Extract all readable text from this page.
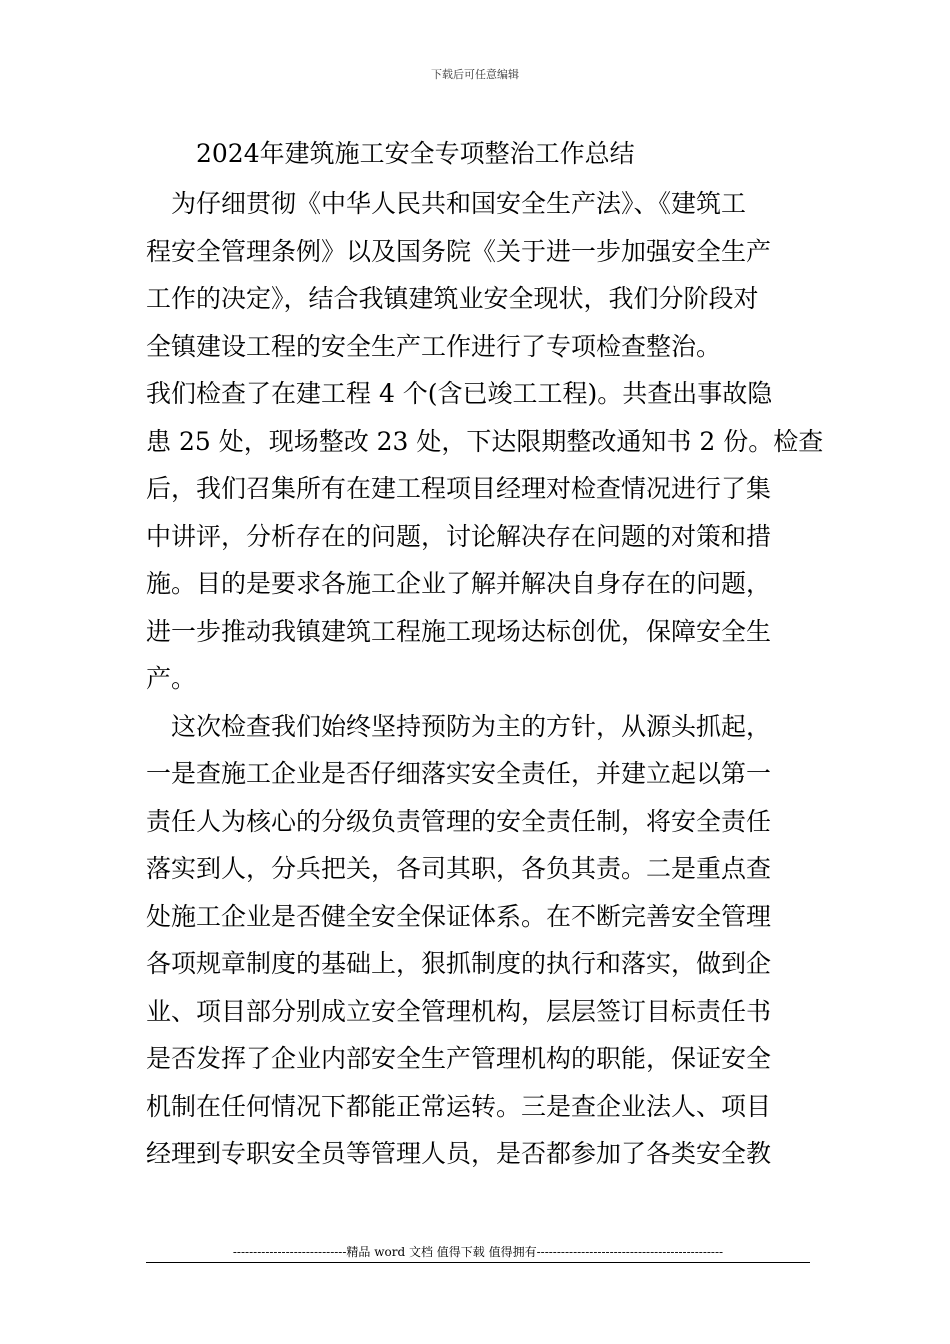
下载后可任意编辑
2024年建筑施工安全专项整治工作总结
　为仔细贯彻《中华人民共和国安全生产法》、《建筑工
程安全管理条例》以及国务院《关于进一步加强安全生产
工作的决定》，结合我镇建筑业安全现状，我们分阶段对
全镇建设工程的安全生产工作进行了专项检查整治。
我们检查了在建工程 4 个(含已竣工工程)。共查出事故隐
患 25 处，现场整改 23 处，下达限期整改通知书 2 份。检查
后，我们召集所有在建工程项目经理对检查情况进行了集
中讲评，分析存在的问题，讨论解决存在问题的对策和措
施。目的是要求各施工企业了解并解决自身存在的问题，
进一步推动我镇建筑工程施工现场达标创优，保障安全生
产。
　这次检查我们始终坚持预防为主的方针，从源头抓起，
一是查施工企业是否仔细落实安全责任，并建立起以第一
责任人为核心的分级负责管理的安全责任制，将安全责任
落实到人，分兵把关，各司其职，各负其责。二是重点查
处施工企业是否健全安全保证体系。在不断完善安全管理
各项规章制度的基础上，狠抓制度的执行和落实，做到企
业、项目部分别成立安全管理机构，层层签订目标责任书
是否发挥了企业内部安全生产管理机构的职能，保证安全
机制在任何情况下都能正常运转。三是查企业法人、项目
经理到专职安全员等管理人员，是否都参加了各类安全教
----------------------------精品 word 文档 值得下载 值得拥有----------------------------------------------
